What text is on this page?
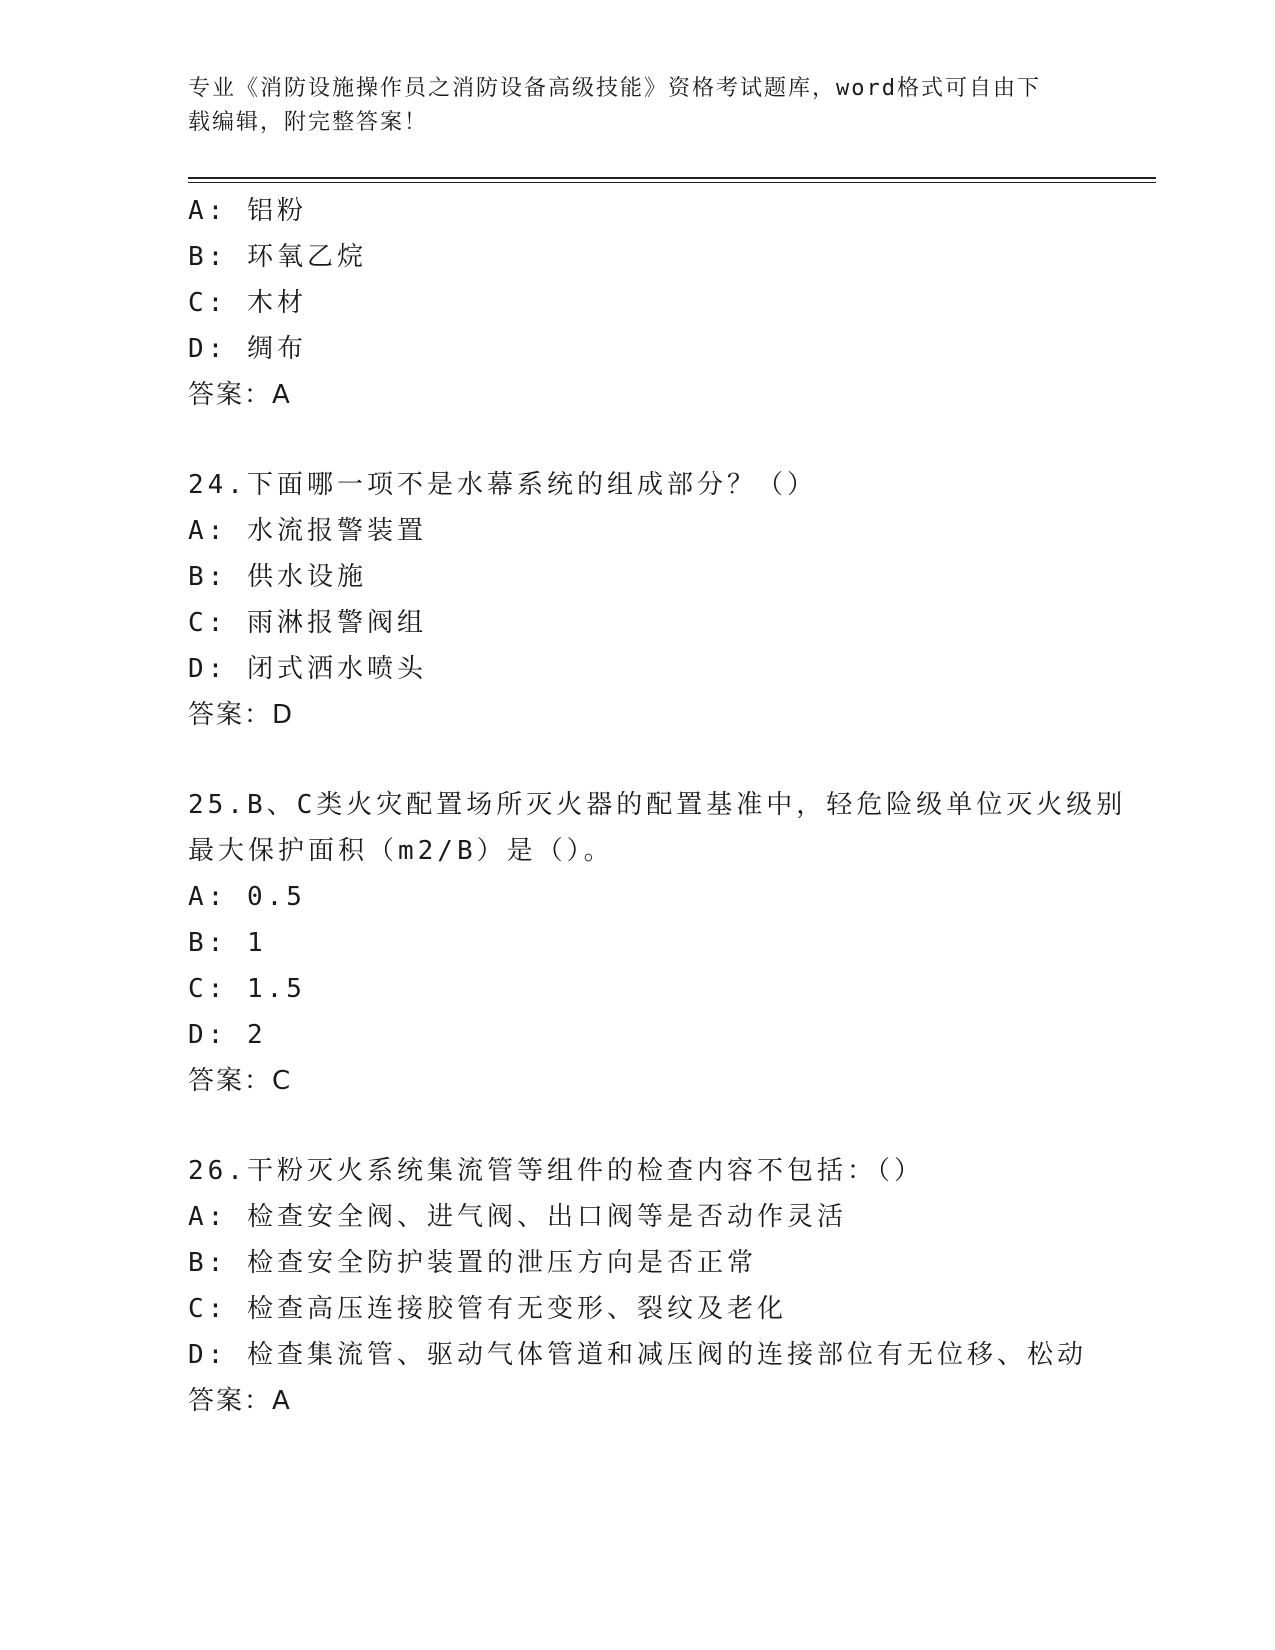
专业《消防设施操作员之消防设备高级技能》资格考试题库，word格式可自由下
载编辑，附完整答案！
A: 铝粉
B: 环氧乙烷
C: 木材
D: 绸布
答案：A
24.下面哪一项不是水幕系统的组成部分？（）
A: 水流报警装置
B: 供水设施
C: 雨淋报警阀组
D: 闭式洒水喷头
答案：D
25.B、C类火灾配置场所灭火器的配置基准中，轻危险级单位灭火级别
最大保护面积（m2/B）是（）。
A: 0.5
B: 1
C: 1.5
D: 2
答案：C
26.干粉灭火系统集流管等组件的检查内容不包括：（）
A: 检查安全阀、进气阀、出口阀等是否动作灵活
B: 检查安全防护装置的泄压方向是否正常
C: 检查高压连接胶管有无变形、裂纹及老化
D: 检查集流管、驱动气体管道和减压阀的连接部位有无位移、松动
答案：A
